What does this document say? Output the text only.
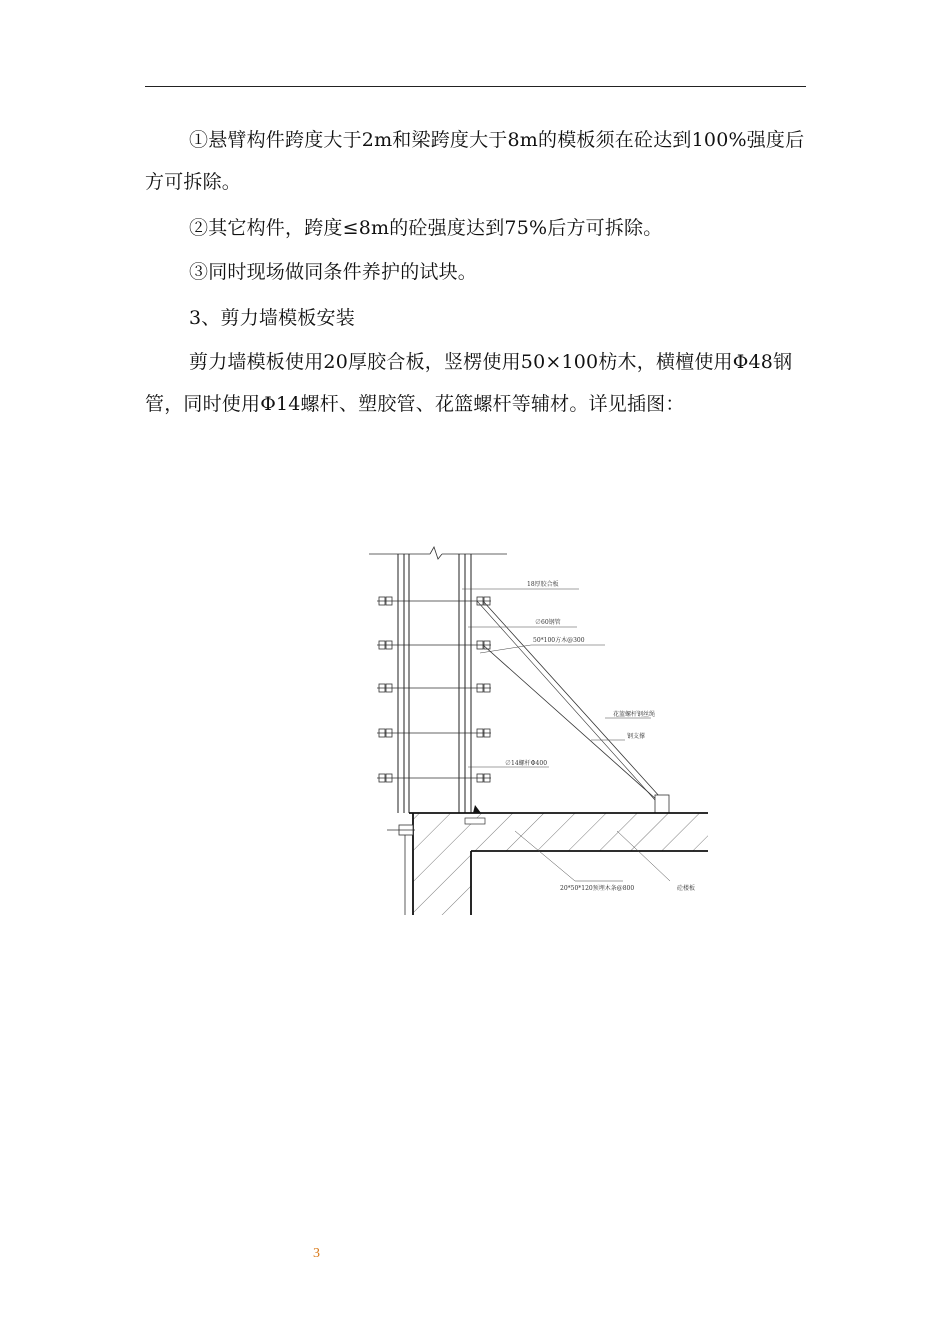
①悬臂构件跨度大于2m和梁跨度大于8m的模板须在砼达到100%强度后方可拆除。

②其它构件，跨度≤8m的砼强度达到75%后方可拆除。

③同时现场做同条件养护的试块。

3、剪力墙模板安装

剪力墙模板使用20厚胶合板，竖楞使用50×100枋木，横檀使用Φ48钢管，同时使用Φ14螺杆、塑胶管、花篮螺杆等辅材。详见插图：

18厚胶合板
∅60钢管
50*100方木@300
花篮螺杆钢丝绳
钢支撑
∅14螺杆Φ400
20*50*120预埋木条@800	砼楼板
3
